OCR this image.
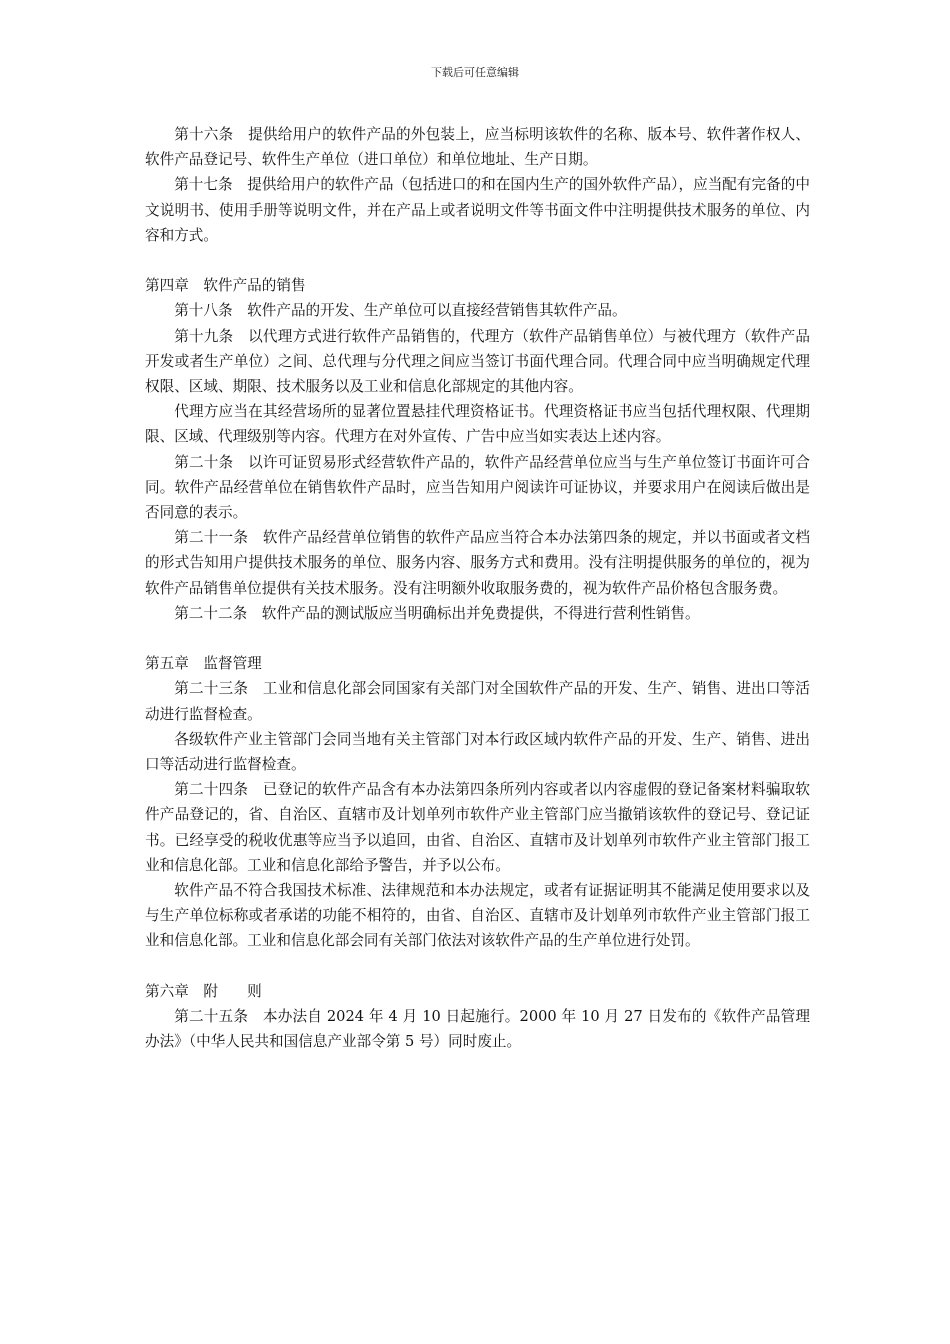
下载后可任意编辑

第十六条　提供给用户的软件产品的外包装上，应当标明该软件的名称、版本号、软件著作权人、软件产品登记号、软件生产单位（进口单位）和单位地址、生产日期。

第十七条　提供给用户的软件产品（包括进口的和在国内生产的国外软件产品），应当配有完备的中文说明书、使用手册等说明文件，并在产品上或者说明文件等书面文件中注明提供技术服务的单位、内容和方式。

第四章　软件产品的销售

第十八条　软件产品的开发、生产单位可以直接经营销售其软件产品。

第十九条　以代理方式进行软件产品销售的，代理方（软件产品销售单位）与被代理方（软件产品开发或者生产单位）之间、总代理与分代理之间应当签订书面代理合同。代理合同中应当明确规定代理权限、区域、期限、技术服务以及工业和信息化部规定的其他内容。

代理方应当在其经营场所的显著位置悬挂代理资格证书。代理资格证书应当包括代理权限、代理期限、区域、代理级别等内容。代理方在对外宣传、广告中应当如实表达上述内容。

第二十条　以许可证贸易形式经营软件产品的，软件产品经营单位应当与生产单位签订书面许可合同。软件产品经营单位在销售软件产品时，应当告知用户阅读许可证协议，并要求用户在阅读后做出是否同意的表示。

第二十一条　软件产品经营单位销售的软件产品应当符合本办法第四条的规定，并以书面或者文档的形式告知用户提供技术服务的单位、服务内容、服务方式和费用。没有注明提供服务的单位的，视为软件产品销售单位提供有关技术服务。没有注明额外收取服务费的，视为软件产品价格包含服务费。

第二十二条　软件产品的测试版应当明确标出并免费提供，不得进行营利性销售。

第五章　监督管理

第二十三条　工业和信息化部会同国家有关部门对全国软件产品的开发、生产、销售、进出口等活动进行监督检查。

各级软件产业主管部门会同当地有关主管部门对本行政区域内软件产品的开发、生产、销售、进出口等活动进行监督检查。

第二十四条　已登记的软件产品含有本办法第四条所列内容或者以内容虚假的登记备案材料骗取软件产品登记的，省、自治区、直辖市及计划单列市软件产业主管部门应当撤销该软件的登记号、登记证书。已经享受的税收优惠等应当予以追回，由省、自治区、直辖市及计划单列市软件产业主管部门报工业和信息化部。工业和信息化部给予警告，并予以公布。

软件产品不符合我国技术标准、法律规范和本办法规定，或者有证据证明其不能满足使用要求以及与生产单位标称或者承诺的功能不相符的，由省、自治区、直辖市及计划单列市软件产业主管部门报工业和信息化部。工业和信息化部会同有关部门依法对该软件产品的生产单位进行处罚。

第六章　附　　则

第二十五条　本办法自 2024 年 4 月 10 日起施行。2000 年 10 月 27 日发布的《软件产品管理办法》（中华人民共和国信息产业部令第 5 号）同时废止。
